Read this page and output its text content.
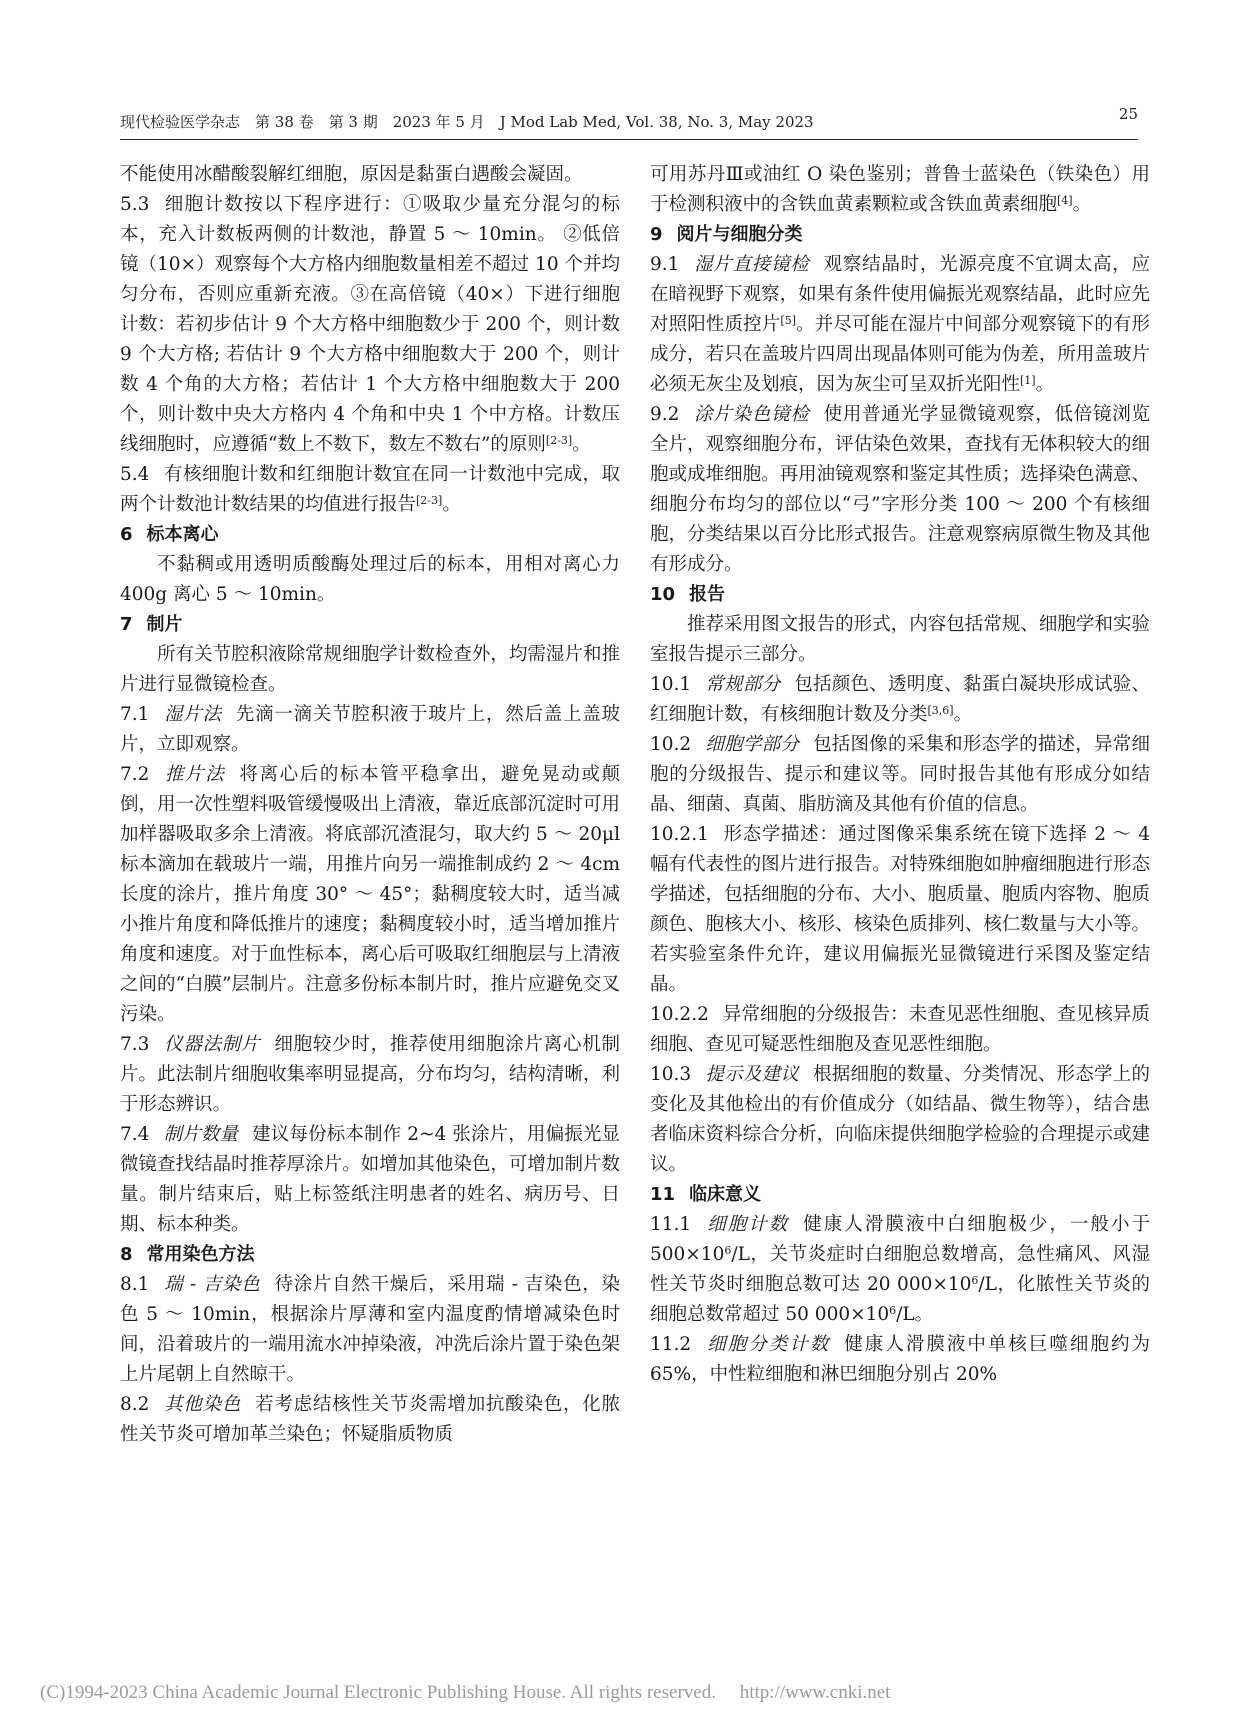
现代检验医学杂志　第 38 卷　第 3 期　2023 年 5 月　J Mod Lab Med, Vol. 38, No. 3, May 2023	25

不能使用冰醋酸裂解红细胞，原因是黏蛋白遇酸会凝固。

5.3 细胞计数按以下程序进行：①吸取少量充分混匀的标本，充入计数板两侧的计数池，静置 5 ～ 10min。 ②低倍镜（10×）观察每个大方格内细胞数量相差不超过 10 个并均匀分布，否则应重新充液。③在高倍镜（40×）下进行细胞计数：若初步估计 9 个大方格中细胞数少于 200 个，则计数 9 个大方格; 若估计 9 个大方格中细胞数大于 200 个，则计数 4 个角的大方格；若估计 1 个大方格中细胞数大于 200 个，则计数中央大方格内 4 个角和中央 1 个中方格。计数压线细胞时，应遵循“数上不数下，数左不数右”的原则[2-3]。

5.4 有核细胞计数和红细胞计数宜在同一计数池中完成，取两个计数池计数结果的均值进行报告[2-3]。

6 标本离心

不黏稠或用透明质酸酶处理过后的标本，用相对离心力 400g 离心 5 ～ 10min。

7 制片

所有关节腔积液除常规细胞学计数检查外，均需湿片和推片进行显微镜检查。

7.1 湿片法 先滴一滴关节腔积液于玻片上，然后盖上盖玻片，立即观察。

7.2 推片法 将离心后的标本管平稳拿出，避免晃动或颠倒，用一次性塑料吸管缓慢吸出上清液，靠近底部沉淀时可用加样器吸取多余上清液。将底部沉渣混匀，取大约 5 ～ 20μl 标本滴加在载玻片一端，用推片向另一端推制成约 2 ～ 4cm 长度的涂片，推片角度 30° ～ 45°；黏稠度较大时，适当减小推片角度和降低推片的速度；黏稠度较小时，适当增加推片角度和速度。对于血性标本，离心后可吸取红细胞层与上清液之间的“白膜”层制片。注意多份标本制片时，推片应避免交叉污染。

7.3 仪器法制片 细胞较少时，推荐使用细胞涂片离心机制片。此法制片细胞收集率明显提高，分布均匀，结构清晰，利于形态辨识。

7.4 制片数量 建议每份标本制作 2~4 张涂片，用偏振光显微镜查找结晶时推荐厚涂片。如增加其他染色，可增加制片数量。制片结束后，贴上标签纸注明患者的姓名、病历号、日期、标本种类。

8 常用染色方法

8.1 瑞 - 吉染色 待涂片自然干燥后，采用瑞 - 吉染色，染色 5 ～ 10min，根据涂片厚薄和室内温度酌情增减染色时间，沿着玻片的一端用流水冲掉染液，冲洗后涂片置于染色架上片尾朝上自然晾干。

8.2 其他染色 若考虑结核性关节炎需增加抗酸染色，化脓性关节炎可增加革兰染色；怀疑脂质物质

可用苏丹Ⅲ或油红 O 染色鉴别；普鲁士蓝染色（铁染色）用于检测积液中的含铁血黄素颗粒或含铁血黄素细胞[4]。

9 阅片与细胞分类

9.1 湿片直接镜检 观察结晶时，光源亮度不宜调太高，应在暗视野下观察，如果有条件使用偏振光观察结晶，此时应先对照阳性质控片[5]。并尽可能在湿片中间部分观察镜下的有形成分，若只在盖玻片四周出现晶体则可能为伪差，所用盖玻片必须无灰尘及划痕，因为灰尘可呈双折光阳性[1]。

9.2 涂片染色镜检 使用普通光学显微镜观察，低倍镜浏览全片，观察细胞分布，评估染色效果，查找有无体积较大的细胞或成堆细胞。再用油镜观察和鉴定其性质；选择染色满意、细胞分布均匀的部位以“弓”字形分类 100 ～ 200 个有核细胞，分类结果以百分比形式报告。注意观察病原微生物及其他有形成分。

10 报告

推荐采用图文报告的形式，内容包括常规、细胞学和实验室报告提示三部分。

10.1 常规部分 包括颜色、透明度、黏蛋白凝块形成试验、红细胞计数，有核细胞计数及分类[3,6]。

10.2 细胞学部分 包括图像的采集和形态学的描述，异常细胞的分级报告、提示和建议等。同时报告其他有形成分如结晶、细菌、真菌、脂肪滴及其他有价值的信息。

10.2.1 形态学描述：通过图像采集系统在镜下选择 2 ～ 4 幅有代表性的图片进行报告。对特殊细胞如肿瘤细胞进行形态学描述，包括细胞的分布、大小、胞质量、胞质内容物、胞质颜色、胞核大小、核形、核染色质排列、核仁数量与大小等。若实验室条件允许，建议用偏振光显微镜进行采图及鉴定结晶。

10.2.2 异常细胞的分级报告：未查见恶性细胞、查见核异质细胞、查见可疑恶性细胞及查见恶性细胞。

10.3 提示及建议 根据细胞的数量、分类情况、形态学上的变化及其他检出的有价值成分（如结晶、微生物等），结合患者临床资料综合分析，向临床提供细胞学检验的合理提示或建议。

11 临床意义

11.1 细胞计数 健康人滑膜液中白细胞极少，一般小于 $500\times 10^6/L$，关节炎症时白细胞总数增高，急性痛风、风湿性关节炎时细胞总数可达 20 $000\times 10^6/L$，化脓性关节炎的细胞总数常超过 50 $000\times 10^6/L$。

11.2 细胞分类计数 健康人滑膜液中单核巨噬细胞约为 65%，中性粒细胞和淋巴细胞分别占 20%

(C)1994-2023 China Academic Journal Electronic Publishing House. All rights reserved.　 http://www.cnki.net
